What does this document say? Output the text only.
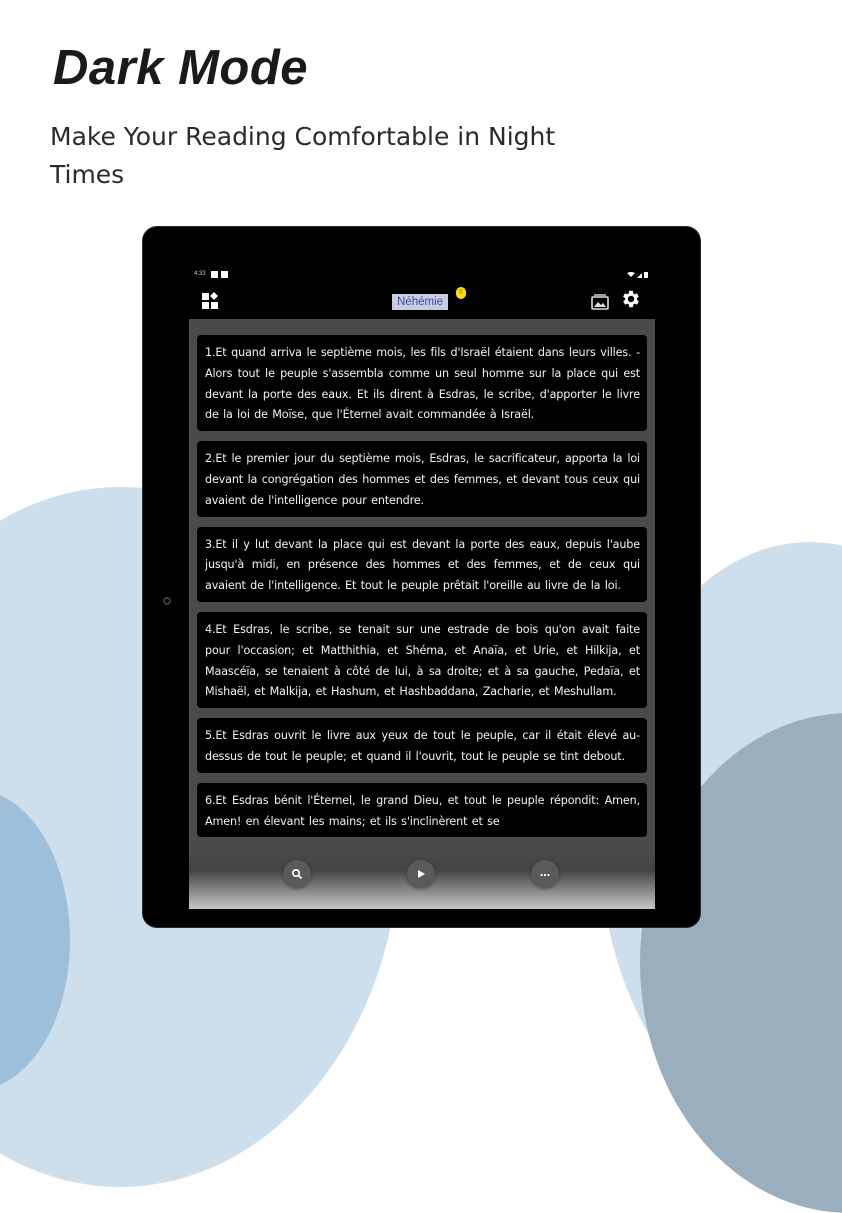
Dark Mode

Make Your Reading Comfortable in Night Times

4:33
Néhémie
8
1.Et quand arriva le septième mois, les fils d'Israël étaient dans leurs villes. -Alors tout le peuple s'assembla comme un seul homme sur la place qui est devant la porte des eaux. Et ils dirent à Esdras, le scribe, d'apporter le livre de la loi de Moïse, que l'Éternel avait commandée à Israël.
2.Et le premier jour du septième mois, Esdras, le sacrificateur, apporta la loi devant la congrégation des hommes et des femmes, et devant tous ceux qui avaient de l'intelligence pour entendre.
3.Et il y lut devant la place qui est devant la porte des eaux, depuis l'aube jusqu'à midi, en présence des hommes et des femmes, et de ceux qui avaient de l'intelligence. Et tout le peuple prêtait l'oreille au livre de la loi.
4.Et Esdras, le scribe, se tenait sur une estrade de bois qu'on avait faite pour l'occasion; et Matthithia, et Shéma, et Anaïa, et Urie, et Hilkija, et Maascéïa, se tenaient à côté de lui, à sa droite; et à sa gauche, Pedaïa, et Mishaël, et Malkija, et Hashum, et Hashbaddana, Zacharie, et Meshullam.
5.Et Esdras ouvrit le livre aux yeux de tout le peuple, car il était élevé au-dessus de tout le peuple; et quand il l'ouvrit, tout le peuple se tint debout.
6.Et Esdras bénit l'Éternel, le grand Dieu, et tout le peuple répondit: Amen, Amen! en élevant les mains; et ils s'inclinèrent et se
